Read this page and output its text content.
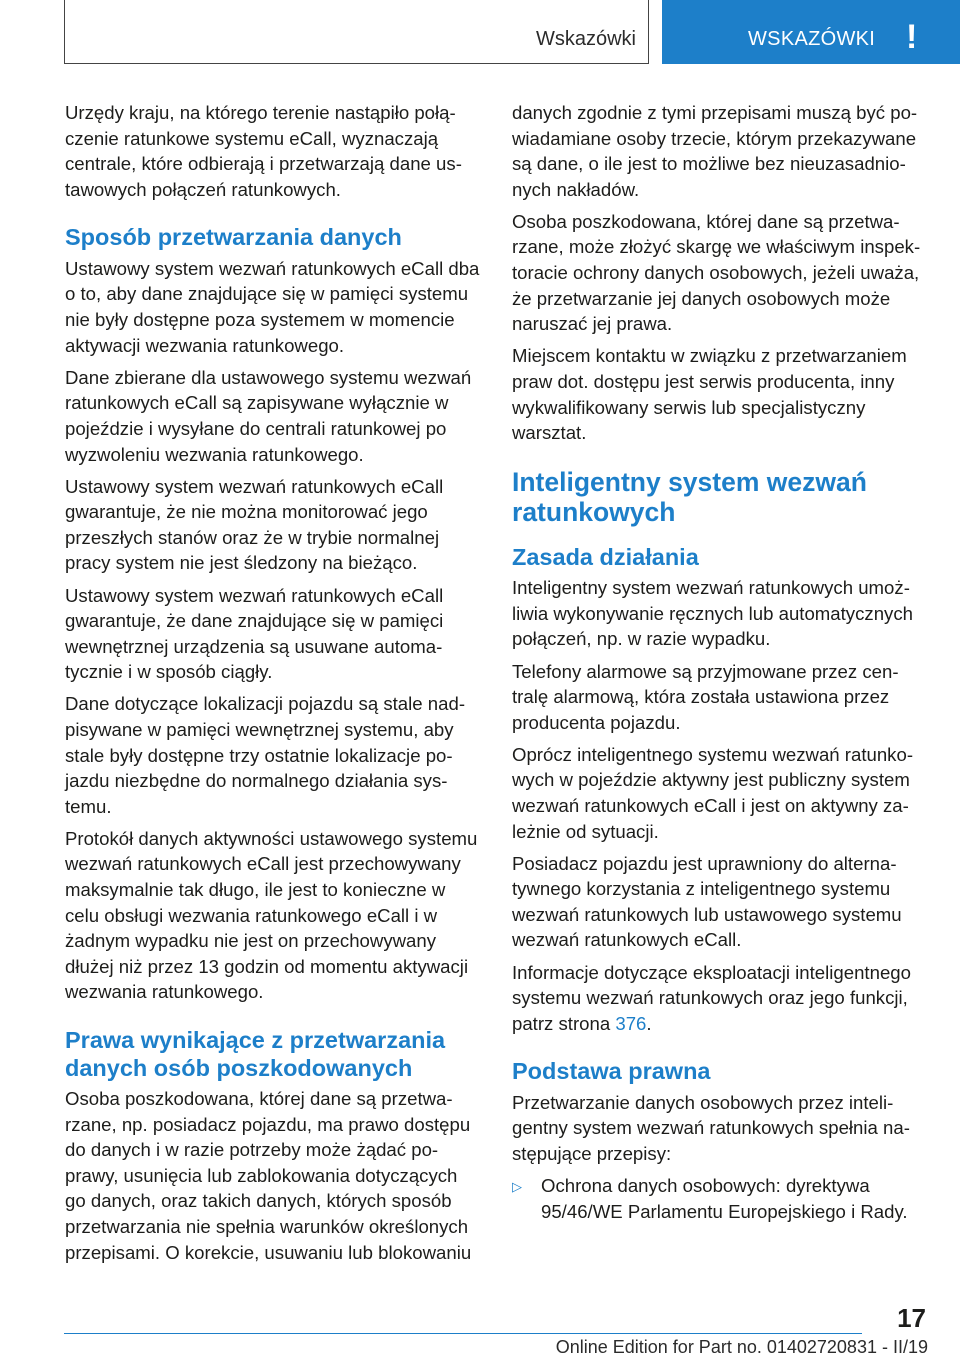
Wskazówki	WSKAZÓWKI !

Urzędy kraju, na którego terenie nastąpiło połączenie ratunkowe systemu eCall, wyznaczają centrale, które odbierają i przetwarzają dane ustawowych połączeń ratunkowych.

Sposób przetwarzania danych

Ustawowy system wezwań ratunkowych eCall dba o to, aby dane znajdujące się w pamięci systemu nie były dostępne poza systemem w momencie aktywacji wezwania ratunkowego.

Dane zbierane dla ustawowego systemu wezwań ratunkowych eCall są zapisywane wyłącznie w pojeździe i wysyłane do centrali ratunkowej po wyzwoleniu wezwania ratunkowego.

Ustawowy system wezwań ratunkowych eCall gwarantuje, że nie można monitorować jego przeszłych stanów oraz że w trybie normalnej pracy system nie jest śledzony na bieżąco.

Ustawowy system wezwań ratunkowych eCall gwarantuje, że dane znajdujące się w pamięci wewnętrznej urządzenia są usuwane automatycznie i w sposób ciągły.

Dane dotyczące lokalizacji pojazdu są stale nadpisywane w pamięci wewnętrznej systemu, aby stale były dostępne trzy ostatnie lokalizacje pojazdu niezbędne do normalnego działania systemu.

Protokół danych aktywności ustawowego systemu wezwań ratunkowych eCall jest przechowywany maksymalnie tak długo, ile jest to konieczne w celu obsługi wezwania ratunkowego eCall i w żadnym wypadku nie jest on przechowywany dłużej niż przez 13 godzin od momentu aktywacji wezwania ratunkowego.

Prawa wynikające z przetwarzania danych osób poszkodowanych

Osoba poszkodowana, której dane są przetwarzane, np. posiadacz pojazdu, ma prawo dostępu do danych i w razie potrzeby może żądać poprawy, usunięcia lub zablokowania dotyczących go danych, oraz takich danych, których sposób przetwarzania nie spełnia warunków określonych przepisami. O korekcie, usuwaniu lub blokowaniu

danych zgodnie z tymi przepisami muszą być powiadamiane osoby trzecie, którym przekazywane są dane, o ile jest to możliwe bez nieuzasadnionych nakładów.

Osoba poszkodowana, której dane są przetwarzane, może złożyć skargę we właściwym inspektoracie ochrony danych osobowych, jeżeli uważa, że przetwarzanie jej danych osobowych może naruszać jej prawa.

Miejscem kontaktu w związku z przetwarzaniem praw dot. dostępu jest serwis producenta, inny wykwalifikowany serwis lub specjalistyczny warsztat.

Inteligentny system wezwań ratunkowych
Zasada działania

Inteligentny system wezwań ratunkowych umożliwia wykonywanie ręcznych lub automatycznych połączeń, np. w razie wypadku.

Telefony alarmowe są przyjmowane przez centralę alarmową, która została ustawiona przez producenta pojazdu.

Oprócz inteligentnego systemu wezwań ratunkowych w pojeździe aktywny jest publiczny system wezwań ratunkowych eCall i jest on aktywny zależnie od sytuacji.

Posiadacz pojazdu jest uprawniony do alternatywnego korzystania z inteligentnego systemu wezwań ratunkowych lub ustawowego systemu wezwań ratunkowych eCall.

Informacje dotyczące eksploatacji inteligentnego systemu wezwań ratunkowych oraz jego funkcji, patrz strona 376.

Podstawa prawna

Przetwarzanie danych osobowych przez inteligentny system wezwań ratunkowych spełnia następujące przepisy:

▷	Ochrona danych osobowych: dyrektywa 95/46/WE Parlamentu Europejskiego i Rady.
17
Online Edition for Part no. 01402720831 - II/19
